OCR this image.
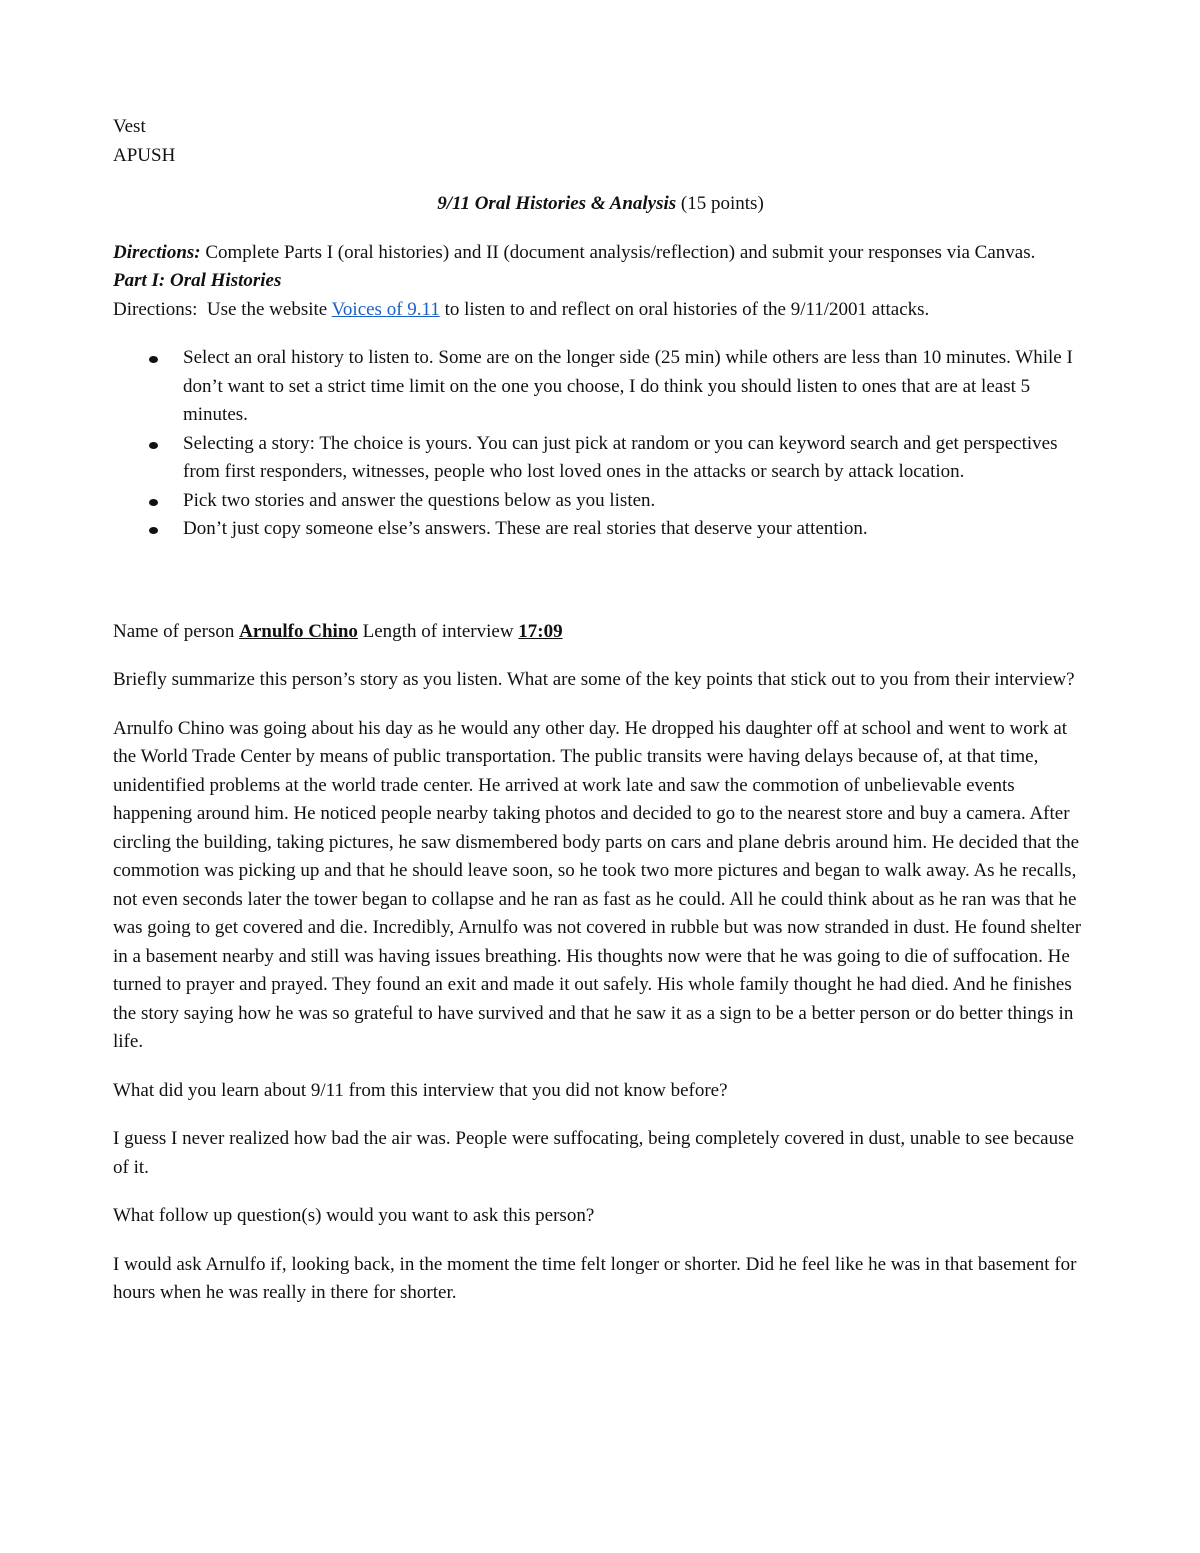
Vest

APUSH

9/11 Oral Histories & Analysis (15 points)

Directions: Complete Parts I (oral histories) and II (document analysis/reflection) and submit your responses via Canvas.

Part I: Oral Histories

Directions:  Use the website Voices of 9.11 to listen to and reflect on oral histories of the 9/11/2001 attacks.

Select an oral history to listen to. Some are on the longer side (25 min) while others are less than 10 minutes. While I don’t want to set a strict time limit on the one you choose, I do think you should listen to ones that are at least 5 minutes.
Selecting a story: The choice is yours. You can just pick at random or you can keyword search and get perspectives from first responders, witnesses, people who lost loved ones in the attacks or search by attack location.
Pick two stories and answer the questions below as you listen.
Don’t just copy someone else’s answers. These are real stories that deserve your attention.

Name of person Arnulfo Chino Length of interview 17:09

Briefly summarize this person’s story as you listen. What are some of the key points that stick out to you from their interview?

Arnulfo Chino was going about his day as he would any other day. He dropped his daughter off at school and went to work at the World Trade Center by means of public transportation. The public transits were having delays because of, at that time, unidentified problems at the world trade center. He arrived at work late and saw the commotion of unbelievable events happening around him. He noticed people nearby taking photos and decided to go to the nearest store and buy a camera. After circling the building, taking pictures, he saw dismembered body parts on cars and plane debris around him. He decided that the commotion was picking up and that he should leave soon, so he took two more pictures and began to walk away. As he recalls, not even seconds later the tower began to collapse and he ran as fast as he could. All he could think about as he ran was that he was going to get covered and die. Incredibly, Arnulfo was not covered in rubble but was now stranded in dust. He found shelter in a basement nearby and still was having issues breathing. His thoughts now were that he was going to die of suffocation. He turned to prayer and prayed. They found an exit and made it out safely. His whole family thought he had died. And he finishes the story saying how he was so grateful to have survived and that he saw it as a sign to be a better person or do better things in life.

What did you learn about 9/11 from this interview that you did not know before?

I guess I never realized how bad the air was. People were suffocating, being completely covered in dust, unable to see because of it.

What follow up question(s) would you want to ask this person?

I would ask Arnulfo if, looking back, in the moment the time felt longer or shorter. Did he feel like he was in that basement for hours when he was really in there for shorter.
